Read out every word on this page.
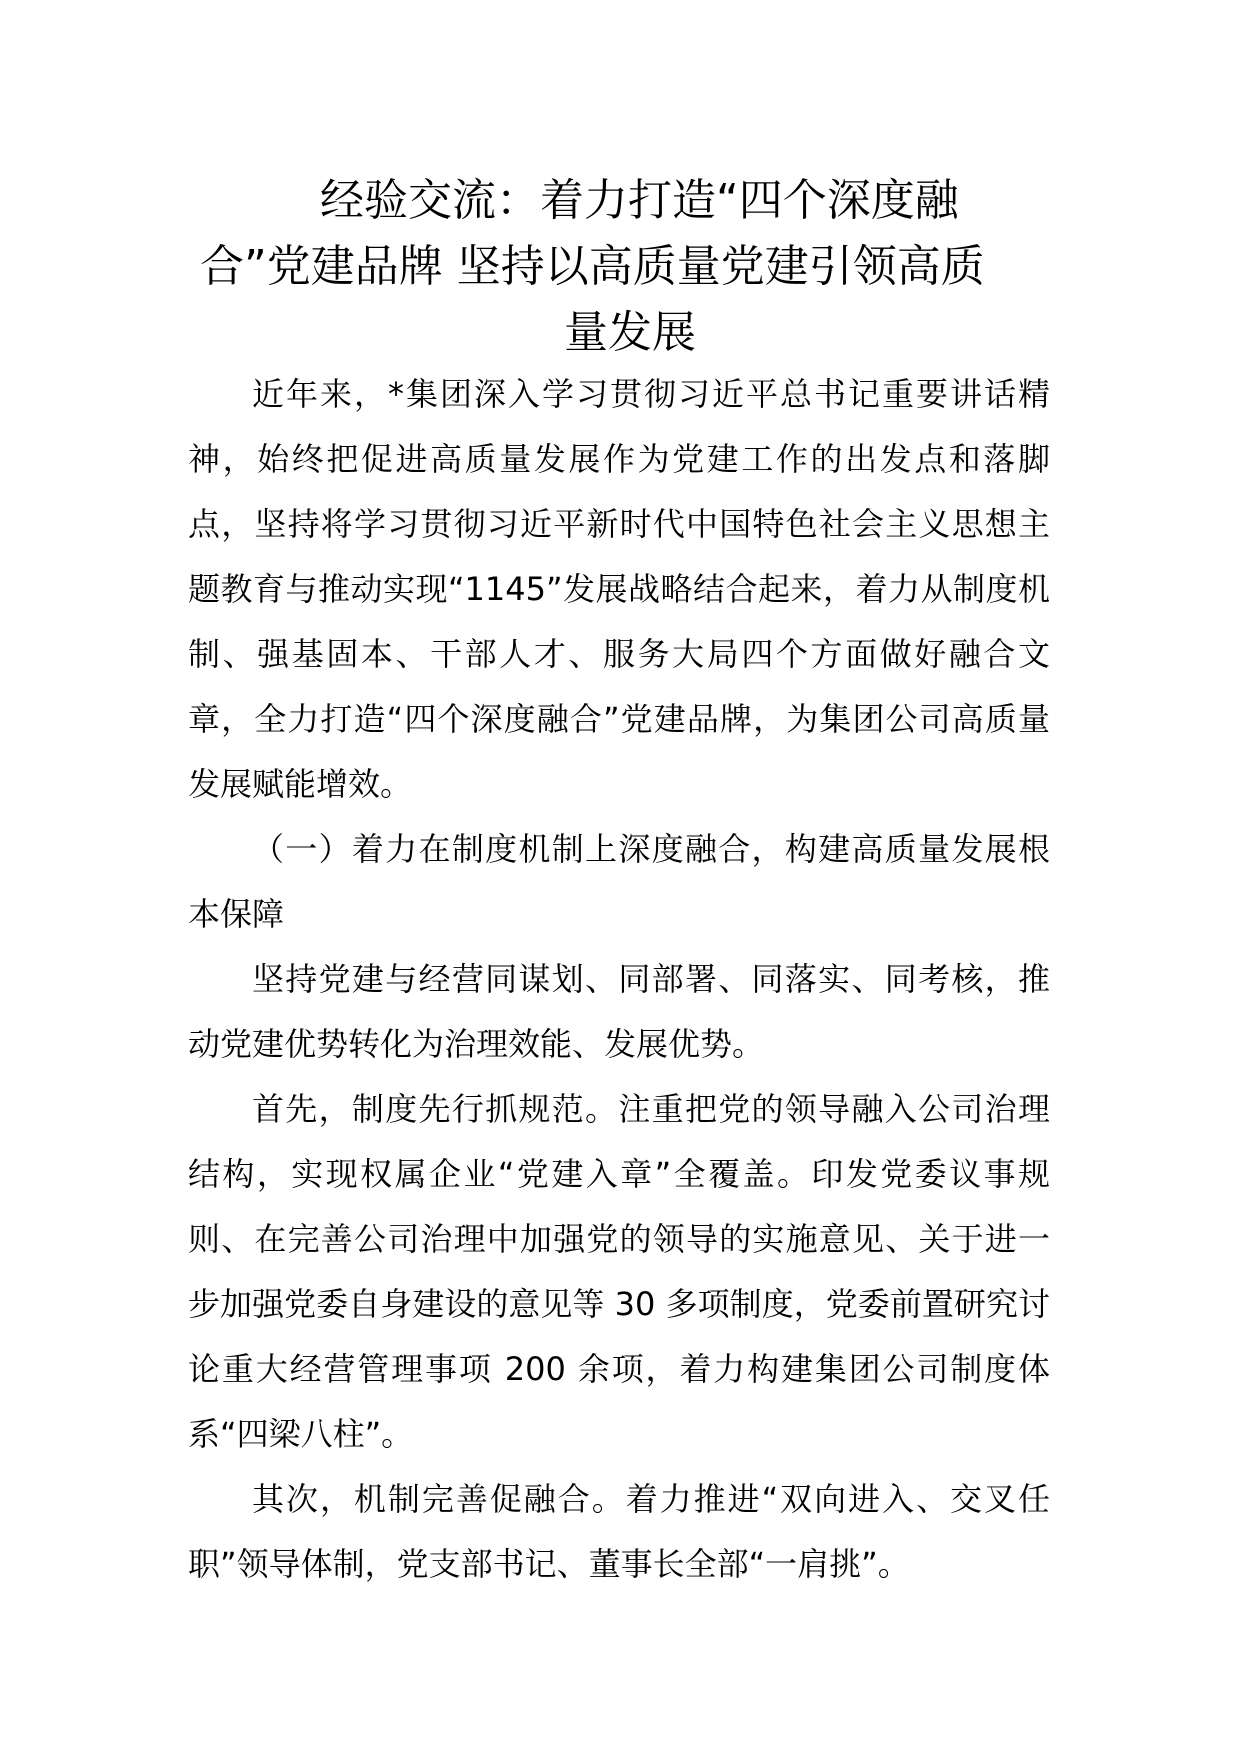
经验交流：着力打造“四个深度融
合”党建品牌 坚持以高质量党建引领高质
量发展

近年来，*集团深入学习贯彻习近平总书记重要讲话精神，始终把促进高质量发展作为党建工作的出发点和落脚点，坚持将学习贯彻习近平新时代中国特色社会主义思想主题教育与推动实现“1145”发展战略结合起来，着力从制度机制、强基固本、干部人才、服务大局四个方面做好融合文章，全力打造“四个深度融合”党建品牌，为集团公司高质量发展赋能增效。

（一）着力在制度机制上深度融合，构建高质量发展根本保障

坚持党建与经营同谋划、同部署、同落实、同考核，推动党建优势转化为治理效能、发展优势。

首先，制度先行抓规范。注重把党的领导融入公司治理结构，实现权属企业“党建入章”全覆盖。印发党委议事规则、在完善公司治理中加强党的领导的实施意见、关于进一步加强党委自身建设的意见等 30 多项制度，党委前置研究讨论重大经营管理事项 200 余项，着力构建集团公司制度体系“四梁八柱”。

其次，机制完善促融合。着力推进“双向进入、交叉任职”领导体制，党支部书记、董事长全部“一肩挑”。
